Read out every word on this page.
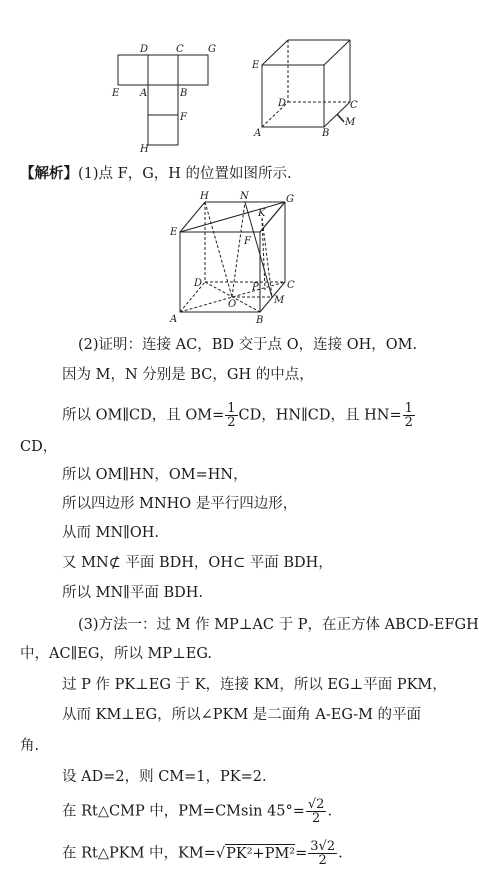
D	C G
E A	B
F
H
E
D	C
M
A	B
【解析】(1)点 F，G，H 的位置如图所示.
H	N
K
G
E
F
D	P	C
O	M
A	B
(2)证明：连接 AC，BD 交于点 O，连接 OH，OM.
因为 M，N 分别是 BC，GH 的中点，
所以 OM∥CD，且 $OM= \frac{1}{2}$ CD，HN∥CD，且 $HN= \frac{1}{2}$
CD，
所以 OM∥HN，OM=HN，
所以四边形 MNHO 是平行四边形，
从而 MN∥OH.
又 MN⊄ 平面 BDH，OH⊂ 平面 BDH，
所以 MN∥平面 BDH.
(3)方法一：过 M 作 MP⊥AC 于 P，在正方体 ABCD-EFGH
中，AC∥EG，所以 MP⊥EG.
过 P 作 PK⊥EG 于 K，连接 KM，所以 EG⊥平面 PKM，
从而 KM⊥EG，所以∠PKM 是二面角 A-EG-M 的平面
角.
设 AD=2，则 CM=1，PK=2.
在 Rt△CMP 中，PM=CMsin $45^\circ= \frac{√2}{2}$ .
在 Rt△PKM 中，$KM=√PK^2+PM^2= \frac{3√2}{2}$ .
